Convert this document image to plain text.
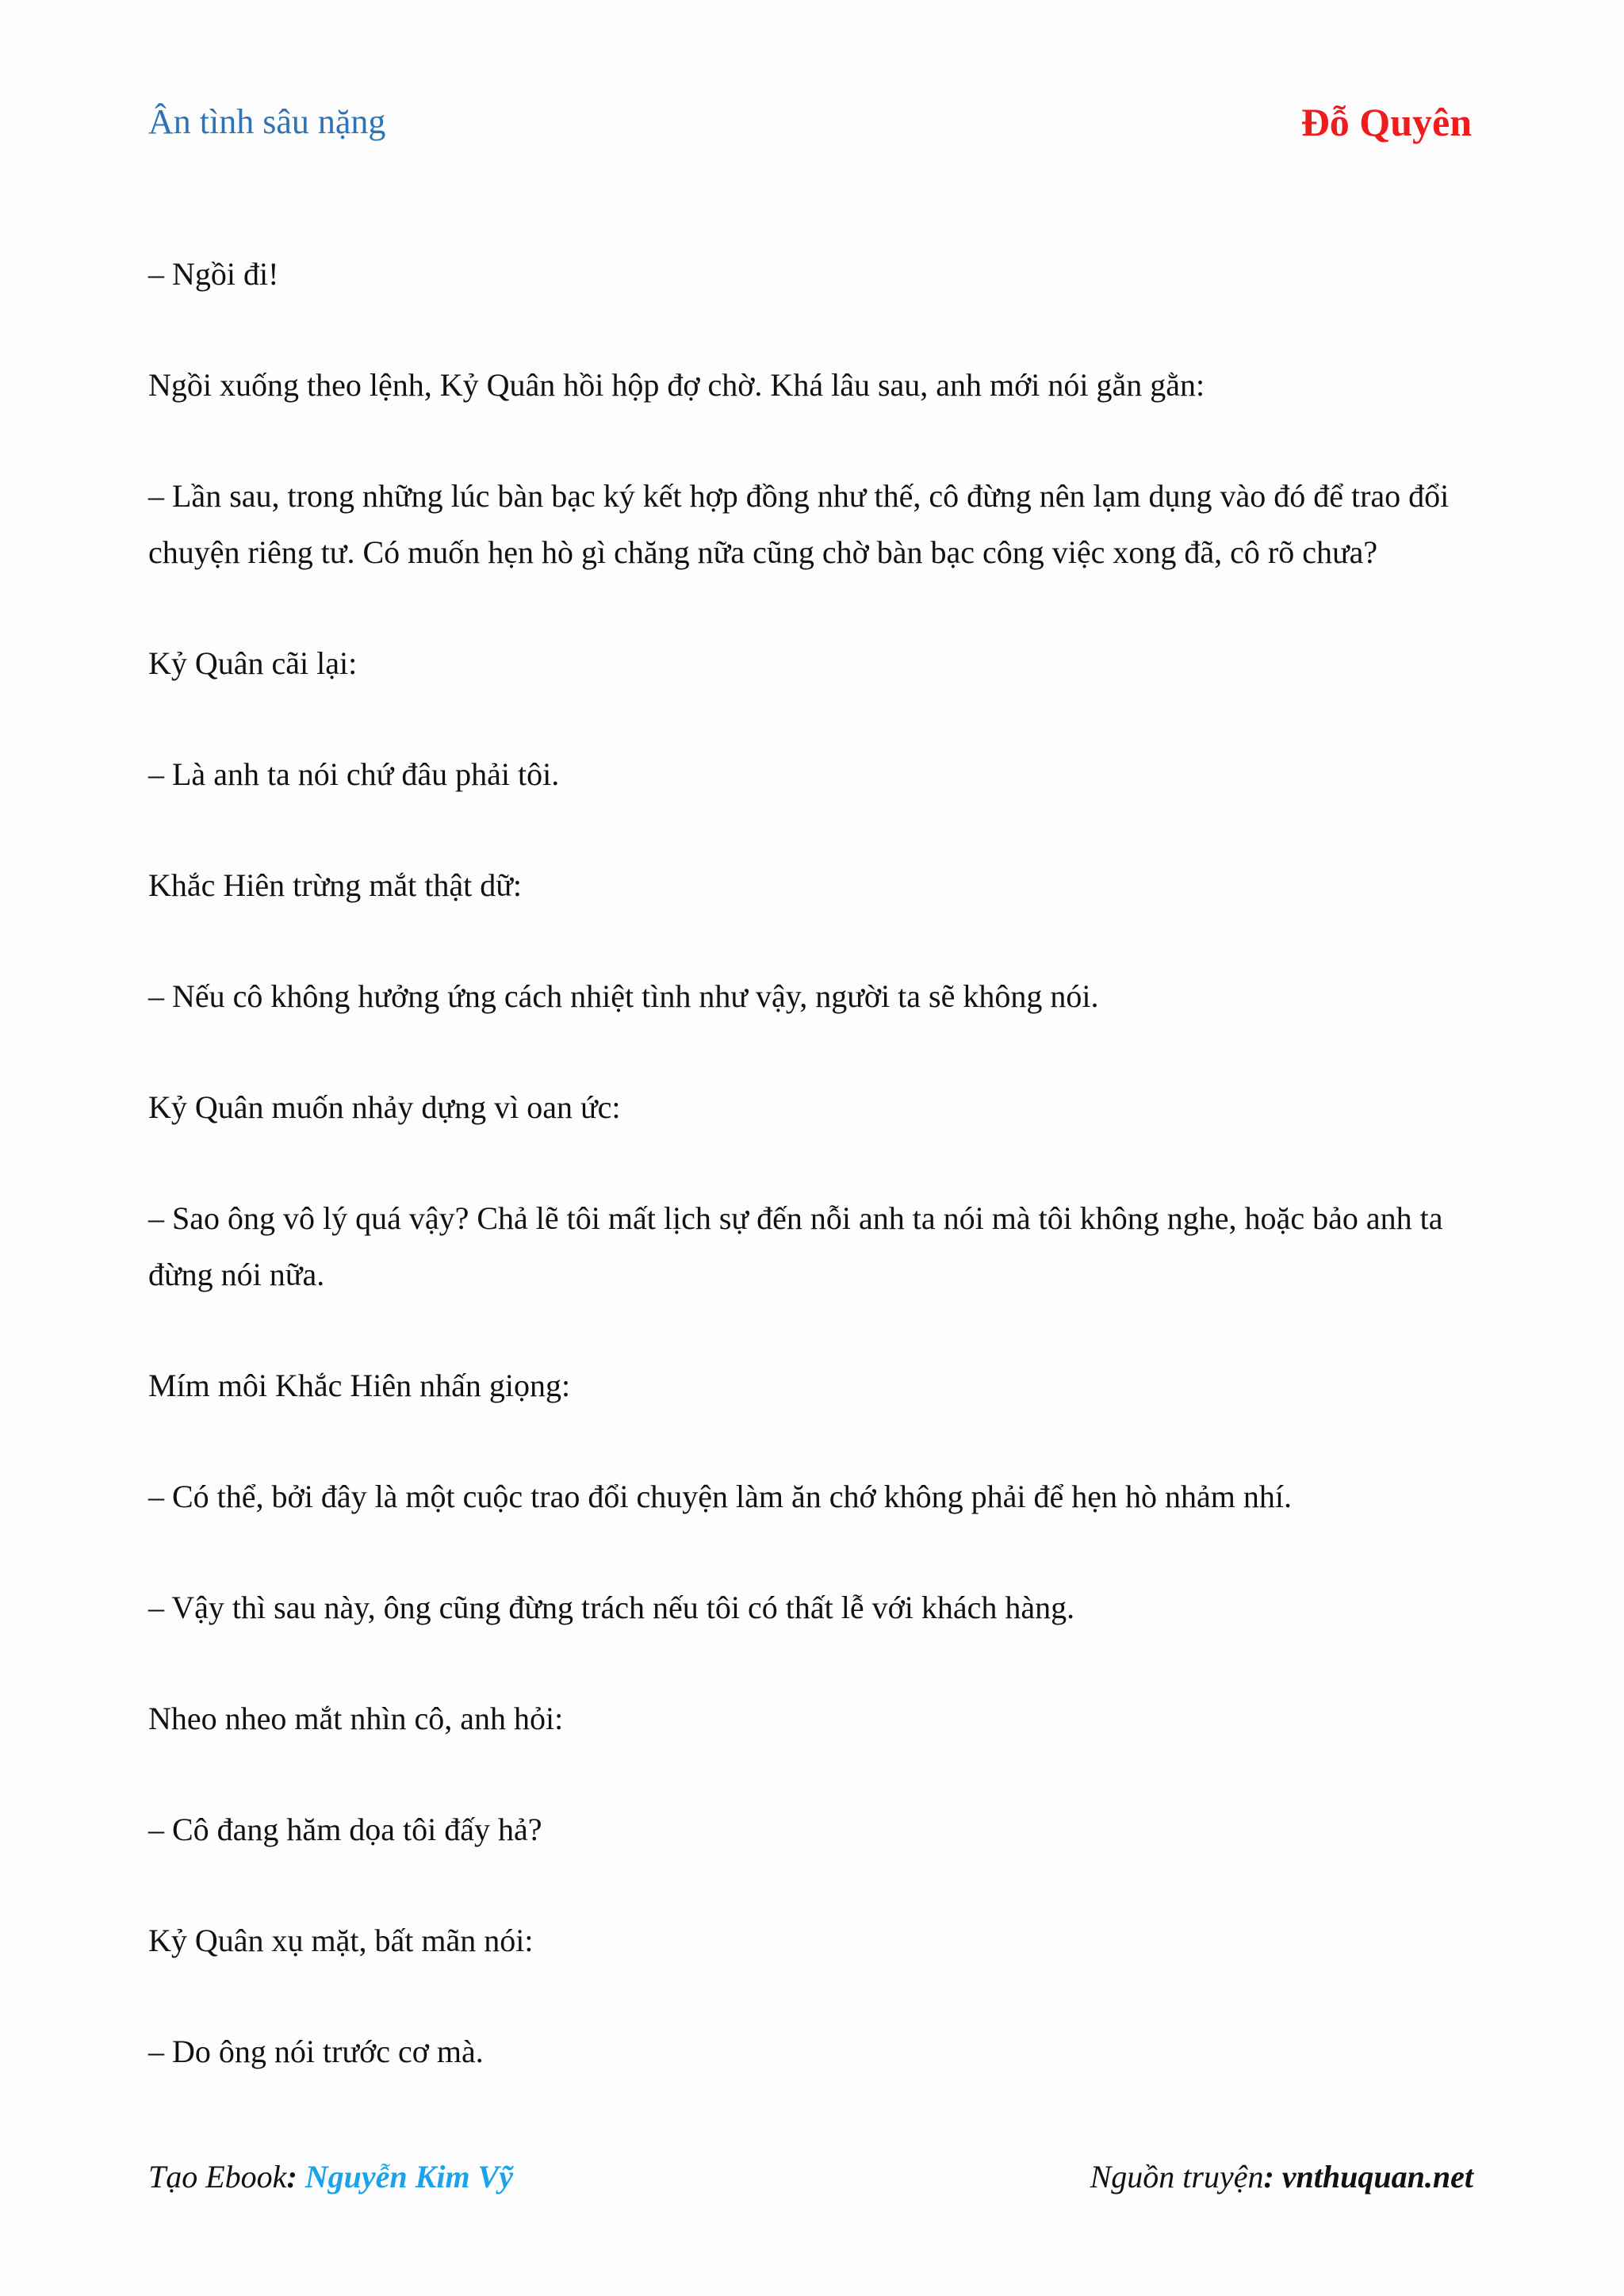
Ân tình sâu nặng	Đỗ Quyên

– Ngồi đi!

Ngồi xuống theo lệnh, Kỷ Quân hồi hộp đợ chờ. Khá lâu sau, anh mới nói gằn gằn:

– Lần sau, trong những lúc bàn bạc ký kết hợp đồng như thế, cô đừng nên lạm dụng vào đó để trao đổi chuyện riêng tư. Có muốn hẹn hò gì chăng nữa cũng chờ bàn bạc công việc xong đã, cô rõ chưa?

Kỷ Quân cãi lại:

– Là anh ta nói chứ đâu phải tôi.

Khắc Hiên trừng mắt thật dữ:

– Nếu cô không hưởng ứng cách nhiệt tình như vậy, người ta sẽ không nói.

Kỷ Quân muốn nhảy dựng vì oan ức:

– Sao ông vô lý quá vậy? Chả lẽ tôi mất lịch sự đến nỗi anh ta nói mà tôi không nghe, hoặc bảo anh ta đừng nói nữa.

Mím môi Khắc Hiên nhấn giọng:

– Có thể, bởi đây là một cuộc trao đổi chuyện làm ăn chớ không phải để hẹn hò nhảm nhí.

– Vậy thì sau này, ông cũng đừng trách nếu tôi có thất lễ với khách hàng.

Nheo nheo mắt nhìn cô, anh hỏi:

– Cô đang hăm dọa tôi đấy hả?

Kỷ Quân xụ mặt, bất mãn nói:

– Do ông nói trước cơ mà.

Tạo Ebook: Nguyễn Kim Vỹ	Nguồn truyện: vnthuquan.net
